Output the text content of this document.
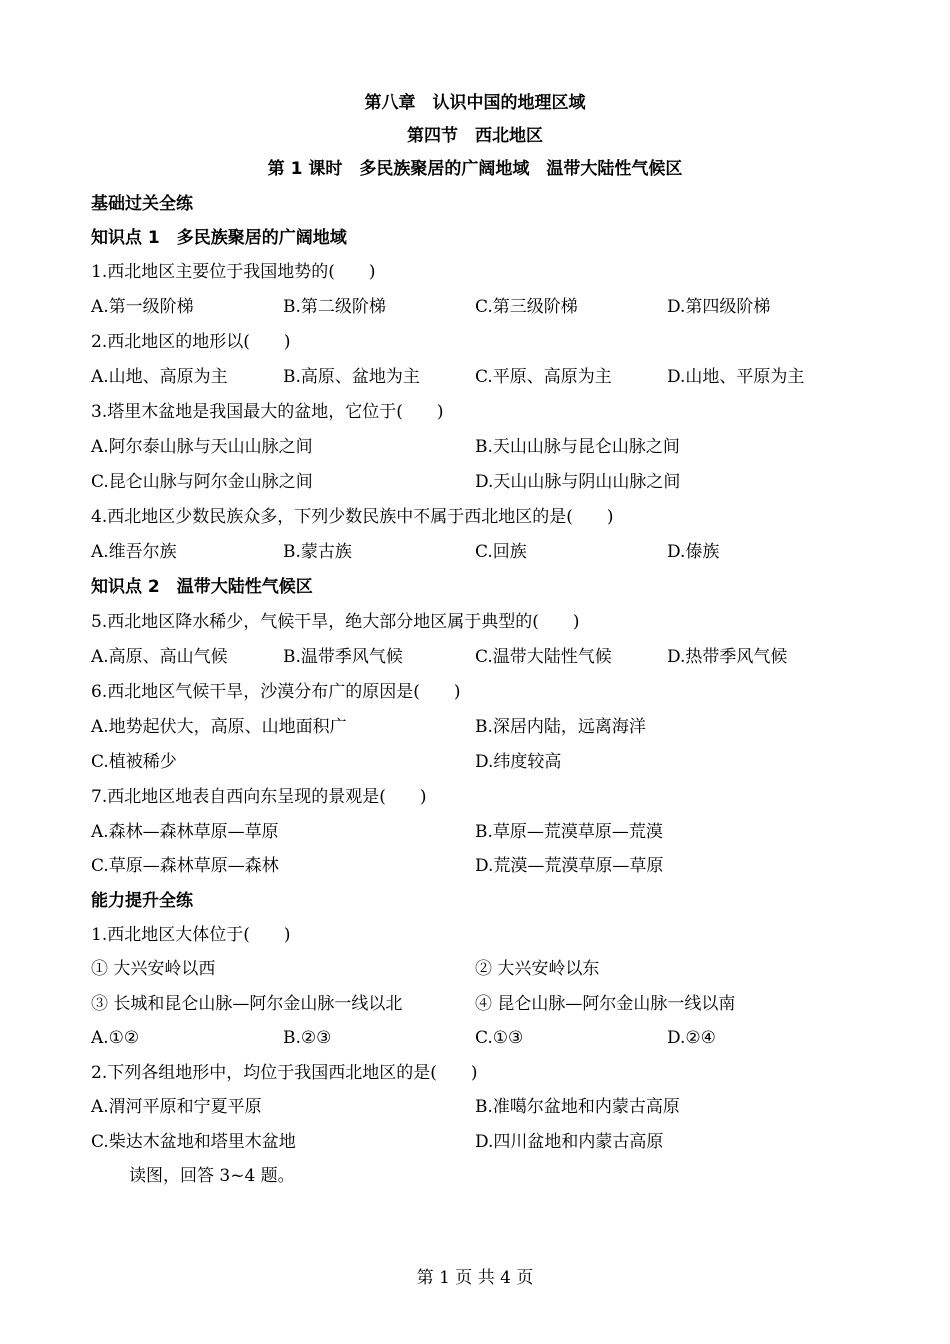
第八章　认识中国的地理区域
第四节　西北地区
第 1 课时　多民族聚居的广阔地域　温带大陆性气候区
基础过关全练
知识点 1　多民族聚居的广阔地域
1.西北地区主要位于我国地势的(　　)
A.第一级阶梯	B.第二级阶梯	C.第三级阶梯	D.第四级阶梯
2.西北地区的地形以(　　)
A.山地、高原为主	B.高原、盆地为主	C.平原、高原为主	D.山地、平原为主
3.塔里木盆地是我国最大的盆地，它位于(　　)
A.阿尔泰山脉与天山山脉之间	B.天山山脉与昆仑山脉之间
C.昆仑山脉与阿尔金山脉之间	D.天山山脉与阴山山脉之间
4.西北地区少数民族众多，下列少数民族中不属于西北地区的是(　　)
A.维吾尔族	B.蒙古族	C.回族	D.傣族
知识点 2　温带大陆性气候区
5.西北地区降水稀少，气候干旱，绝大部分地区属于典型的(　　)
A.高原、高山气候	B.温带季风气候	C.温带大陆性气候	D.热带季风气候
6.西北地区气候干旱，沙漠分布广的原因是(　　)
A.地势起伏大，高原、山地面积广	B.深居内陆，远离海洋
C.植被稀少	D.纬度较高
7.西北地区地表自西向东呈现的景观是(　　)
A.森林—森林草原—草原	B.草原—荒漠草原—荒漠
C.草原—森林草原—森林	D.荒漠—荒漠草原—草原
能力提升全练
1.西北地区大体位于(　　)
① 大兴安岭以西	② 大兴安岭以东
③ 长城和昆仑山脉—阿尔金山脉一线以北	④ 昆仑山脉—阿尔金山脉一线以南
A.①②	B.②③	C.①③	D.②④
2.下列各组地形中，均位于我国西北地区的是(　　)
A.渭河平原和宁夏平原	B.准噶尔盆地和内蒙古高原
C.柴达木盆地和塔里木盆地	D.四川盆地和内蒙古高原
读图，回答 3~4 题。
第 1 页 共 4 页
